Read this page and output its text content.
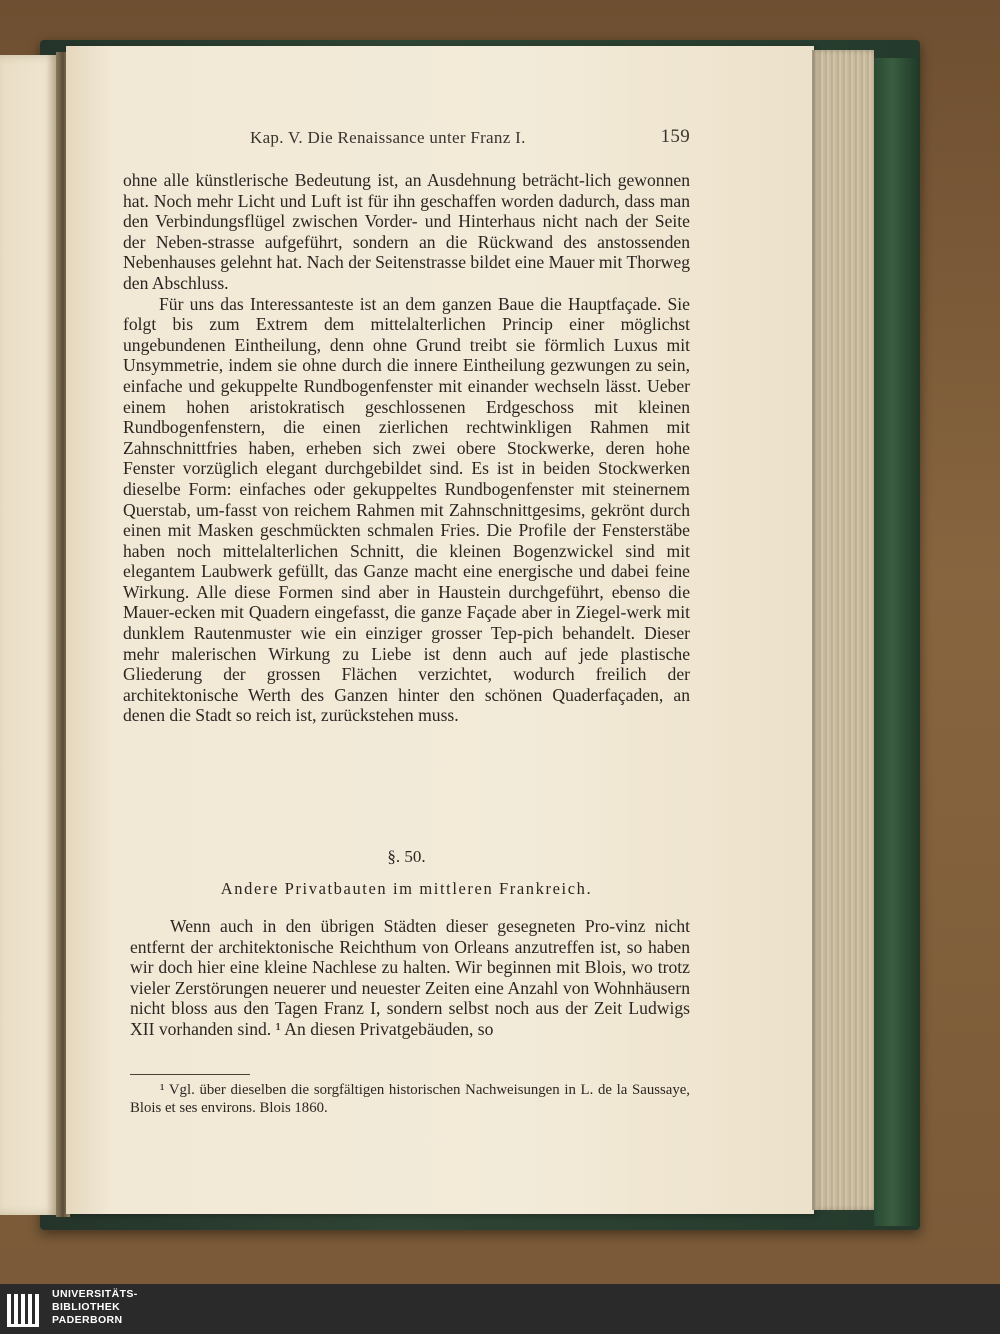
Kap. V. Die Renaissance unter Franz I.	159

ohne alle künstlerische Bedeutung ist, an Ausdehnung beträcht-lich gewonnen hat. Noch mehr Licht und Luft ist für ihn geschaffen worden dadurch, dass man den Verbindungsflügel zwischen Vorder- und Hinterhaus nicht nach der Seite der Neben-strasse aufgeführt, sondern an die Rückwand des anstossenden Nebenhauses gelehnt hat. Nach der Seitenstrasse bildet eine Mauer mit Thorweg den Abschluss.

Für uns das Interessanteste ist an dem ganzen Baue die Hauptfaçade. Sie folgt bis zum Extrem dem mittelalterlichen Princip einer möglichst ungebundenen Eintheilung, denn ohne Grund treibt sie förmlich Luxus mit Unsymmetrie, indem sie ohne durch die innere Eintheilung gezwungen zu sein, einfache und gekuppelte Rundbogenfenster mit einander wechseln lässt. Ueber einem hohen aristokratisch geschlossenen Erdgeschoss mit kleinen Rundbogenfenstern, die einen zierlichen rechtwinkligen Rahmen mit Zahnschnittfries haben, erheben sich zwei obere Stockwerke, deren hohe Fenster vorzüglich elegant durchgebildet sind. Es ist in beiden Stockwerken dieselbe Form: einfaches oder gekuppeltes Rundbogenfenster mit steinernem Querstab, um-fasst von reichem Rahmen mit Zahnschnittgesims, gekrönt durch einen mit Masken geschmückten schmalen Fries. Die Profile der Fensterstäbe haben noch mittelalterlichen Schnitt, die kleinen Bogenzwickel sind mit elegantem Laubwerk gefüllt, das Ganze macht eine energische und dabei feine Wirkung. Alle diese Formen sind aber in Haustein durchgeführt, ebenso die Mauer-ecken mit Quadern eingefasst, die ganze Façade aber in Ziegel-werk mit dunklem Rautenmuster wie ein einziger grosser Tep-pich behandelt. Dieser mehr malerischen Wirkung zu Liebe ist denn auch auf jede plastische Gliederung der grossen Flächen verzichtet, wodurch freilich der architektonische Werth des Ganzen hinter den schönen Quaderfaçaden, an denen die Stadt so reich ist, zurückstehen muss.

§. 50.
Andere Privatbauten im mittleren Frankreich.

Wenn auch in den übrigen Städten dieser gesegneten Pro-vinz nicht entfernt der architektonische Reichthum von Orleans anzutreffen ist, so haben wir doch hier eine kleine Nachlese zu halten. Wir beginnen mit Blois, wo trotz vieler Zerstörungen neuerer und neuester Zeiten eine Anzahl von Wohnhäusern nicht bloss aus den Tagen Franz I, sondern selbst noch aus der Zeit Ludwigs XII vorhanden sind. ¹ An diesen Privatgebäuden, so

¹ Vgl. über dieselben die sorgfältigen historischen Nachweisungen in L. de la Saussaye, Blois et ses environs. Blois 1860.

UNIVERSITÄTS-
BIBLIOTHEK
PADERBORN
